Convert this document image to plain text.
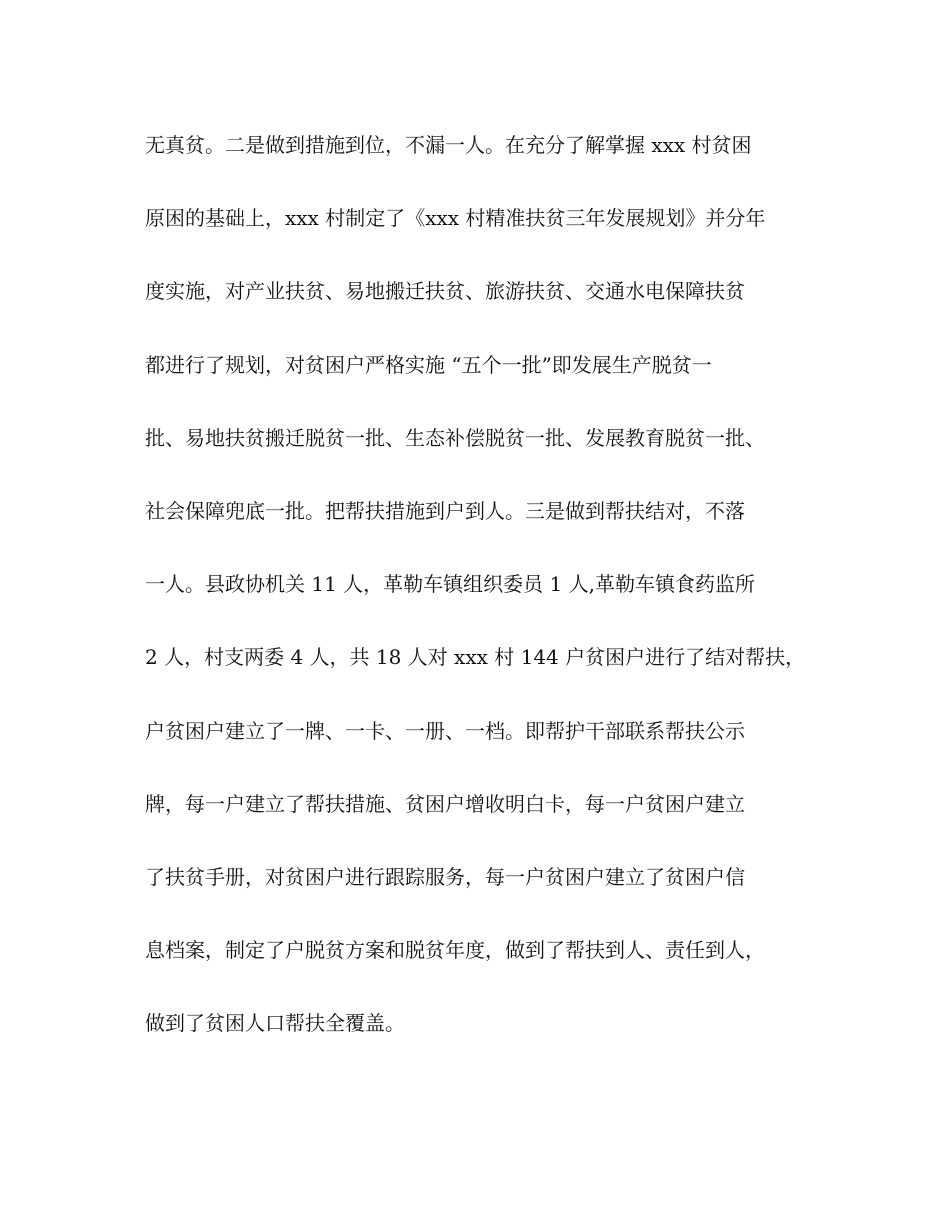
无真贫。二是做到措施到位，不漏一人。在充分了解掌握 xxx 村贫困
原困的基础上，xxx 村制定了《xxx 村精准扶贫三年发展规划》并分年
度实施，对产业扶贫、易地搬迁扶贫、旅游扶贫、交通水电保障扶贫
都进行了规划，对贫困户严格实施 “五个一批”即发展生产脱贫一
批、易地扶贫搬迁脱贫一批、生态补偿脱贫一批、发展教育脱贫一批、
社会保障兜底一批。把帮扶措施到户到人。三是做到帮扶结对，不落
一人。县政协机关 11 人，革勒车镇组织委员 1 人,革勒车镇食药监所
2 人，村支两委 4 人，共 18 人对 xxx 村 144 户贫困户进行了结对帮扶，
户贫困户建立了一牌、一卡、一册、一档。即帮护干部联系帮扶公示
牌，每一户建立了帮扶措施、贫困户增收明白卡，每一户贫困户建立
了扶贫手册，对贫困户进行跟踪服务，每一户贫困户建立了贫困户信
息档案，制定了户脱贫方案和脱贫年度，做到了帮扶到人、责任到人，
做到了贫困人口帮扶全覆盖。
